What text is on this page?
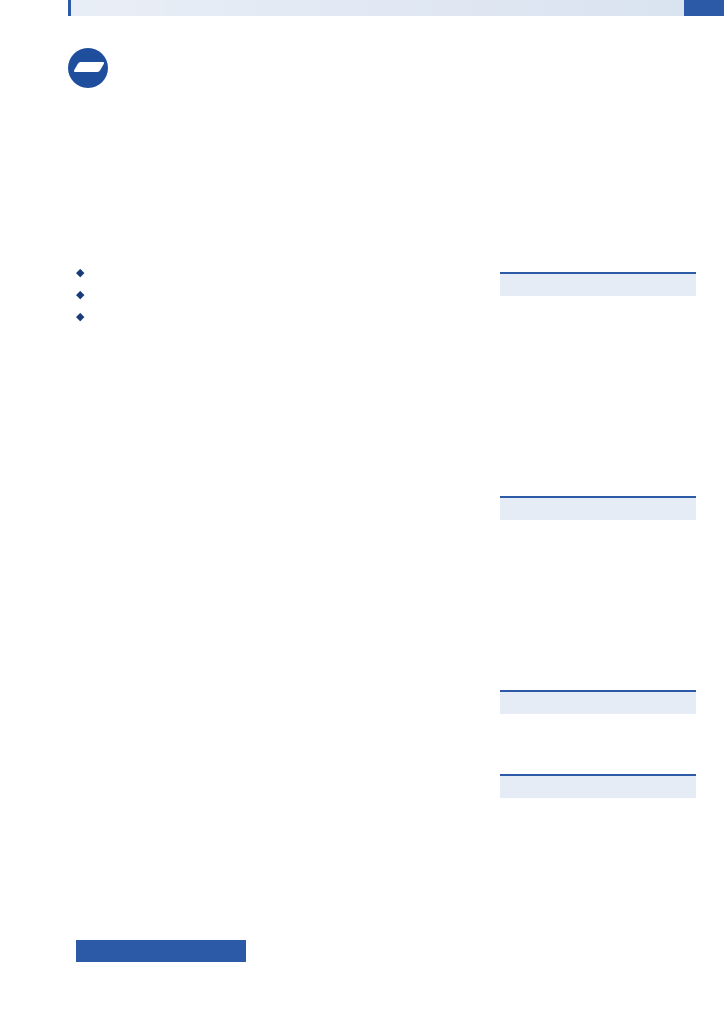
◆
◆
◆
